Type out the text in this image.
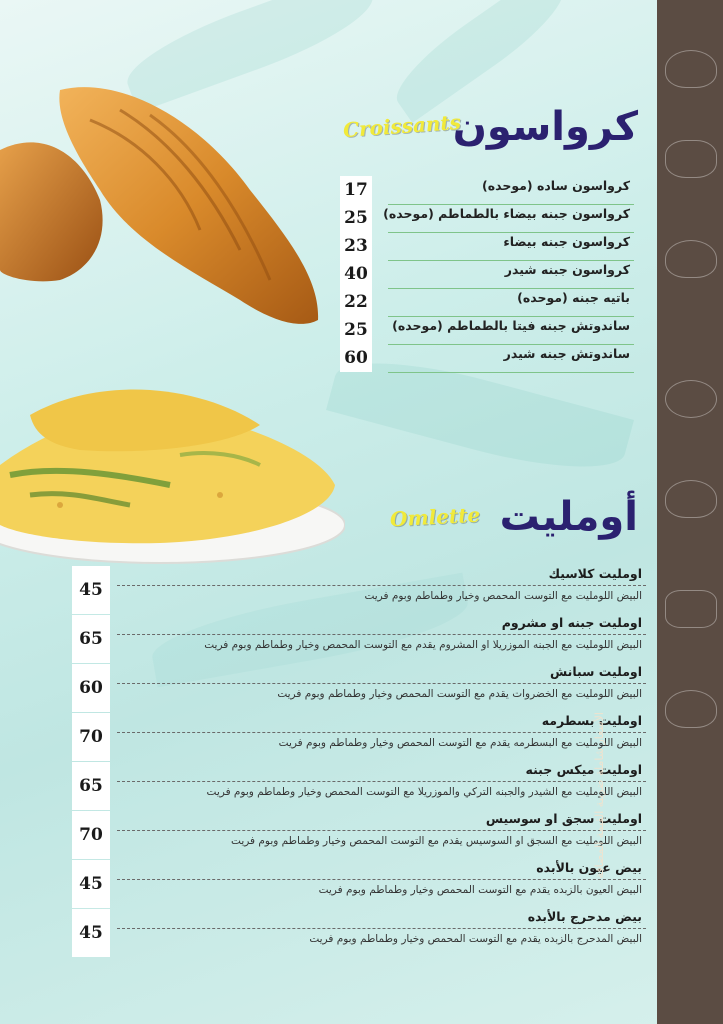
كرواسون
Croissants
17	كرواسون ساده (موحده)
25	كرواسون جبنه بيضاء بالطماطم (موحده)
23	كرواسون جبنه بيضاء
40	كرواسون جبنه شيدر
22	باتيه جبنه (موحده)
25	ساندوتش جبنه فيتا بالطماطم (موحده)
60	ساندوتش جبنه شيدر
أومليت
Omlette
45
اومليت كلاسيك
البيض اللومليت مع التوست المحمص وخيار وطماطم وبوم فريت
65
اومليت جبنه او مشروم
البيض اللومليت مع الجبنه الموزريلا او المشروم يقدم مع التوست المحمص وخيار وطماطم وبوم فريت
60
اومليت سبانش
البيض اللومليت مع الخضروات يقدم مع التوست المحمص وخيار وطماطم وبوم فريت
70
اومليت بسطرمه
البيض اللومليت مع البسطرمه يقدم مع التوست المحمص وخيار وطماطم وبوم فريت
65
اومليت ميكس جبنه
البيض اللومليت مع الشيدر والجبنه التركي والموزريلا مع التوست المحمص وخيار وطماطم وبوم فريت
70
اومليت سجق او سوسيس
البيض اللومليت مع السجق او السوسيس يقدم مع التوست المحمص وخيار وطماطم وبوم فريت
45
بيض عيون بالأبده
البيض العيون بالزبده يقدم مع التوست المحمص وخيار وطماطم وبوم فريت
45
بيض مدحرج بالأبده
البيض المدحرج بالزبده يقدم مع التوست المحمص وخيار وطماطم وبوم فريت
الأسعار شاملة ضريبة القيمة المضافة
